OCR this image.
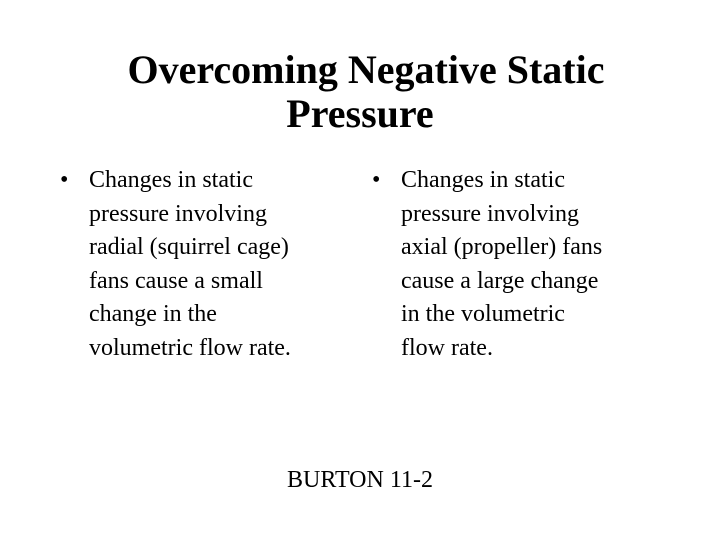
Overcoming Negative Static
Pressure
• Changes in static
pressure involving
radial (squirrel cage)
fans cause a small
change in the
volumetric flow rate.
• Changes in static
pressure involving
axial (propeller) fans
cause a large change
in the volumetric
flow rate.
BURTON 11-2
